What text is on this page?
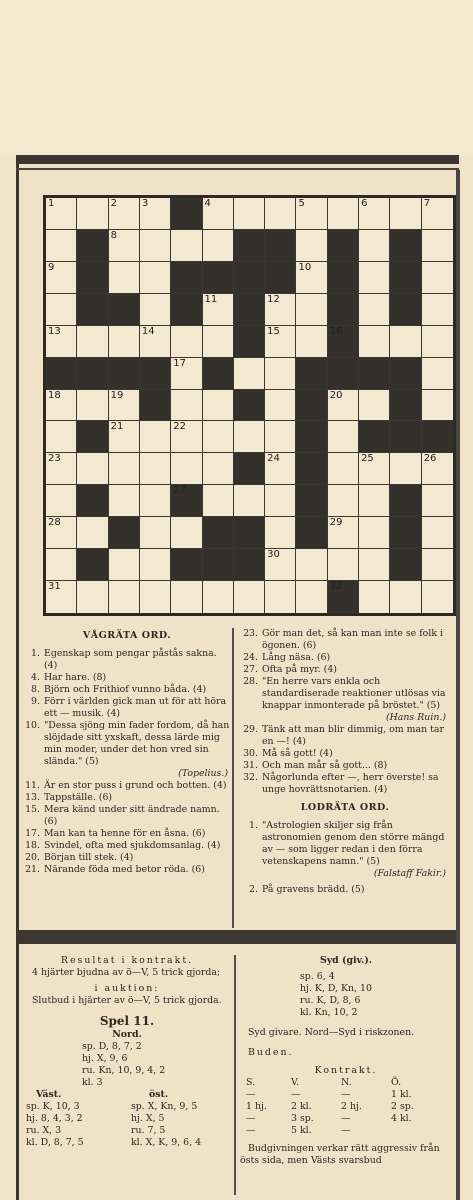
1	2 3	4	5	6	7
8
9	10
11	12
13	14	15	16
17
18	19	20
21	22
23	24	25	26
27
28	29
30
31	32
VÅGRÄTA ORD.
1. Egenskap som pengar påstås sakna. (4)
4. Har hare. (8)
8. Björn och Frithiof vunno båda. (4)
9. Förr i världen gick man ut för att höra ett — musik. (4)
10. "Dessa sjöng min fader fordom, då han slöjdade sitt yxskaft, dessa lärde mig min moder, under det hon vred sin slända." (5)
(Topelius.)
11. Är en stor puss i grund och botten. (4)
13. Tappställe. (6)
15. Mera känd under sitt ändrade namn. (6)
17. Man kan ta henne för en åsna. (6)
18. Svindel, ofta med sjukdomsanlag. (4)
20. Början till stek. (4)
21. Närande föda med betor röda. (6)
23. Gör man det, så kan man inte se folk i ögonen. (6)
24. Lång näsa. (6)
27. Ofta på myr. (4)
28. "En herre vars enkla och standardiserade reaktioner utlösas via knappar inmonterade på bröstet." (5)
(Hans Ruin.)
29. Tänk att man blir dimmig, om man tar en —! (4)
30. Må så gott! (4)
31. Och man mår så gott... (8)
32. Någorlunda efter —, herr överste! sa unge hovrättsnotarien. (4)
LODRÄTA ORD.
1. "Astrologien skiljer sig från astronomien genom den större mängd av — som ligger redan i den förra vetenskapens namn." (5)
(Falstaff Fakir.)
2. På gravens brädd. (5)
Resultat i kontrakt.
4 hjärter bjudna av ö—V, 5 trick gjorda;
i auktion:
Slutbud i hjärter av ö—V, 5 trick gjorda.
Spel 11.
Nord.
sp. D, 8, 7, 2
hj. X, 9, 6
ru. Kn, 10, 9, 4, 2
kl. 3
Väst.
sp. K, 10, 3
hj. 8, 4, 3, 2
ru. X, 3
kl. D, 8, 7, 5
öst.
sp. X, Kn, 9, 5
hj. X, 5
ru. 7, 5
kl. X, K, 9, 6, 4
Syd (giv.).
sp. 6, 4
hj. K, D, Kn, 10
ru. K, D, 8, 6
kl. Kn, 10, 2
Syd givare. Nord—Syd i riskzonen.
Buden.
Kontrakt.
S.	V.	N.	Ö.
—	—	—	1 kl.
1 hj.	2 kl.	2 hj.	2 sp.
—	3 sp.	—	4 kl.
—	5 kl.	—
Budgivningen verkar rätt aggressiv från östs sida, men Västs svarsbud
